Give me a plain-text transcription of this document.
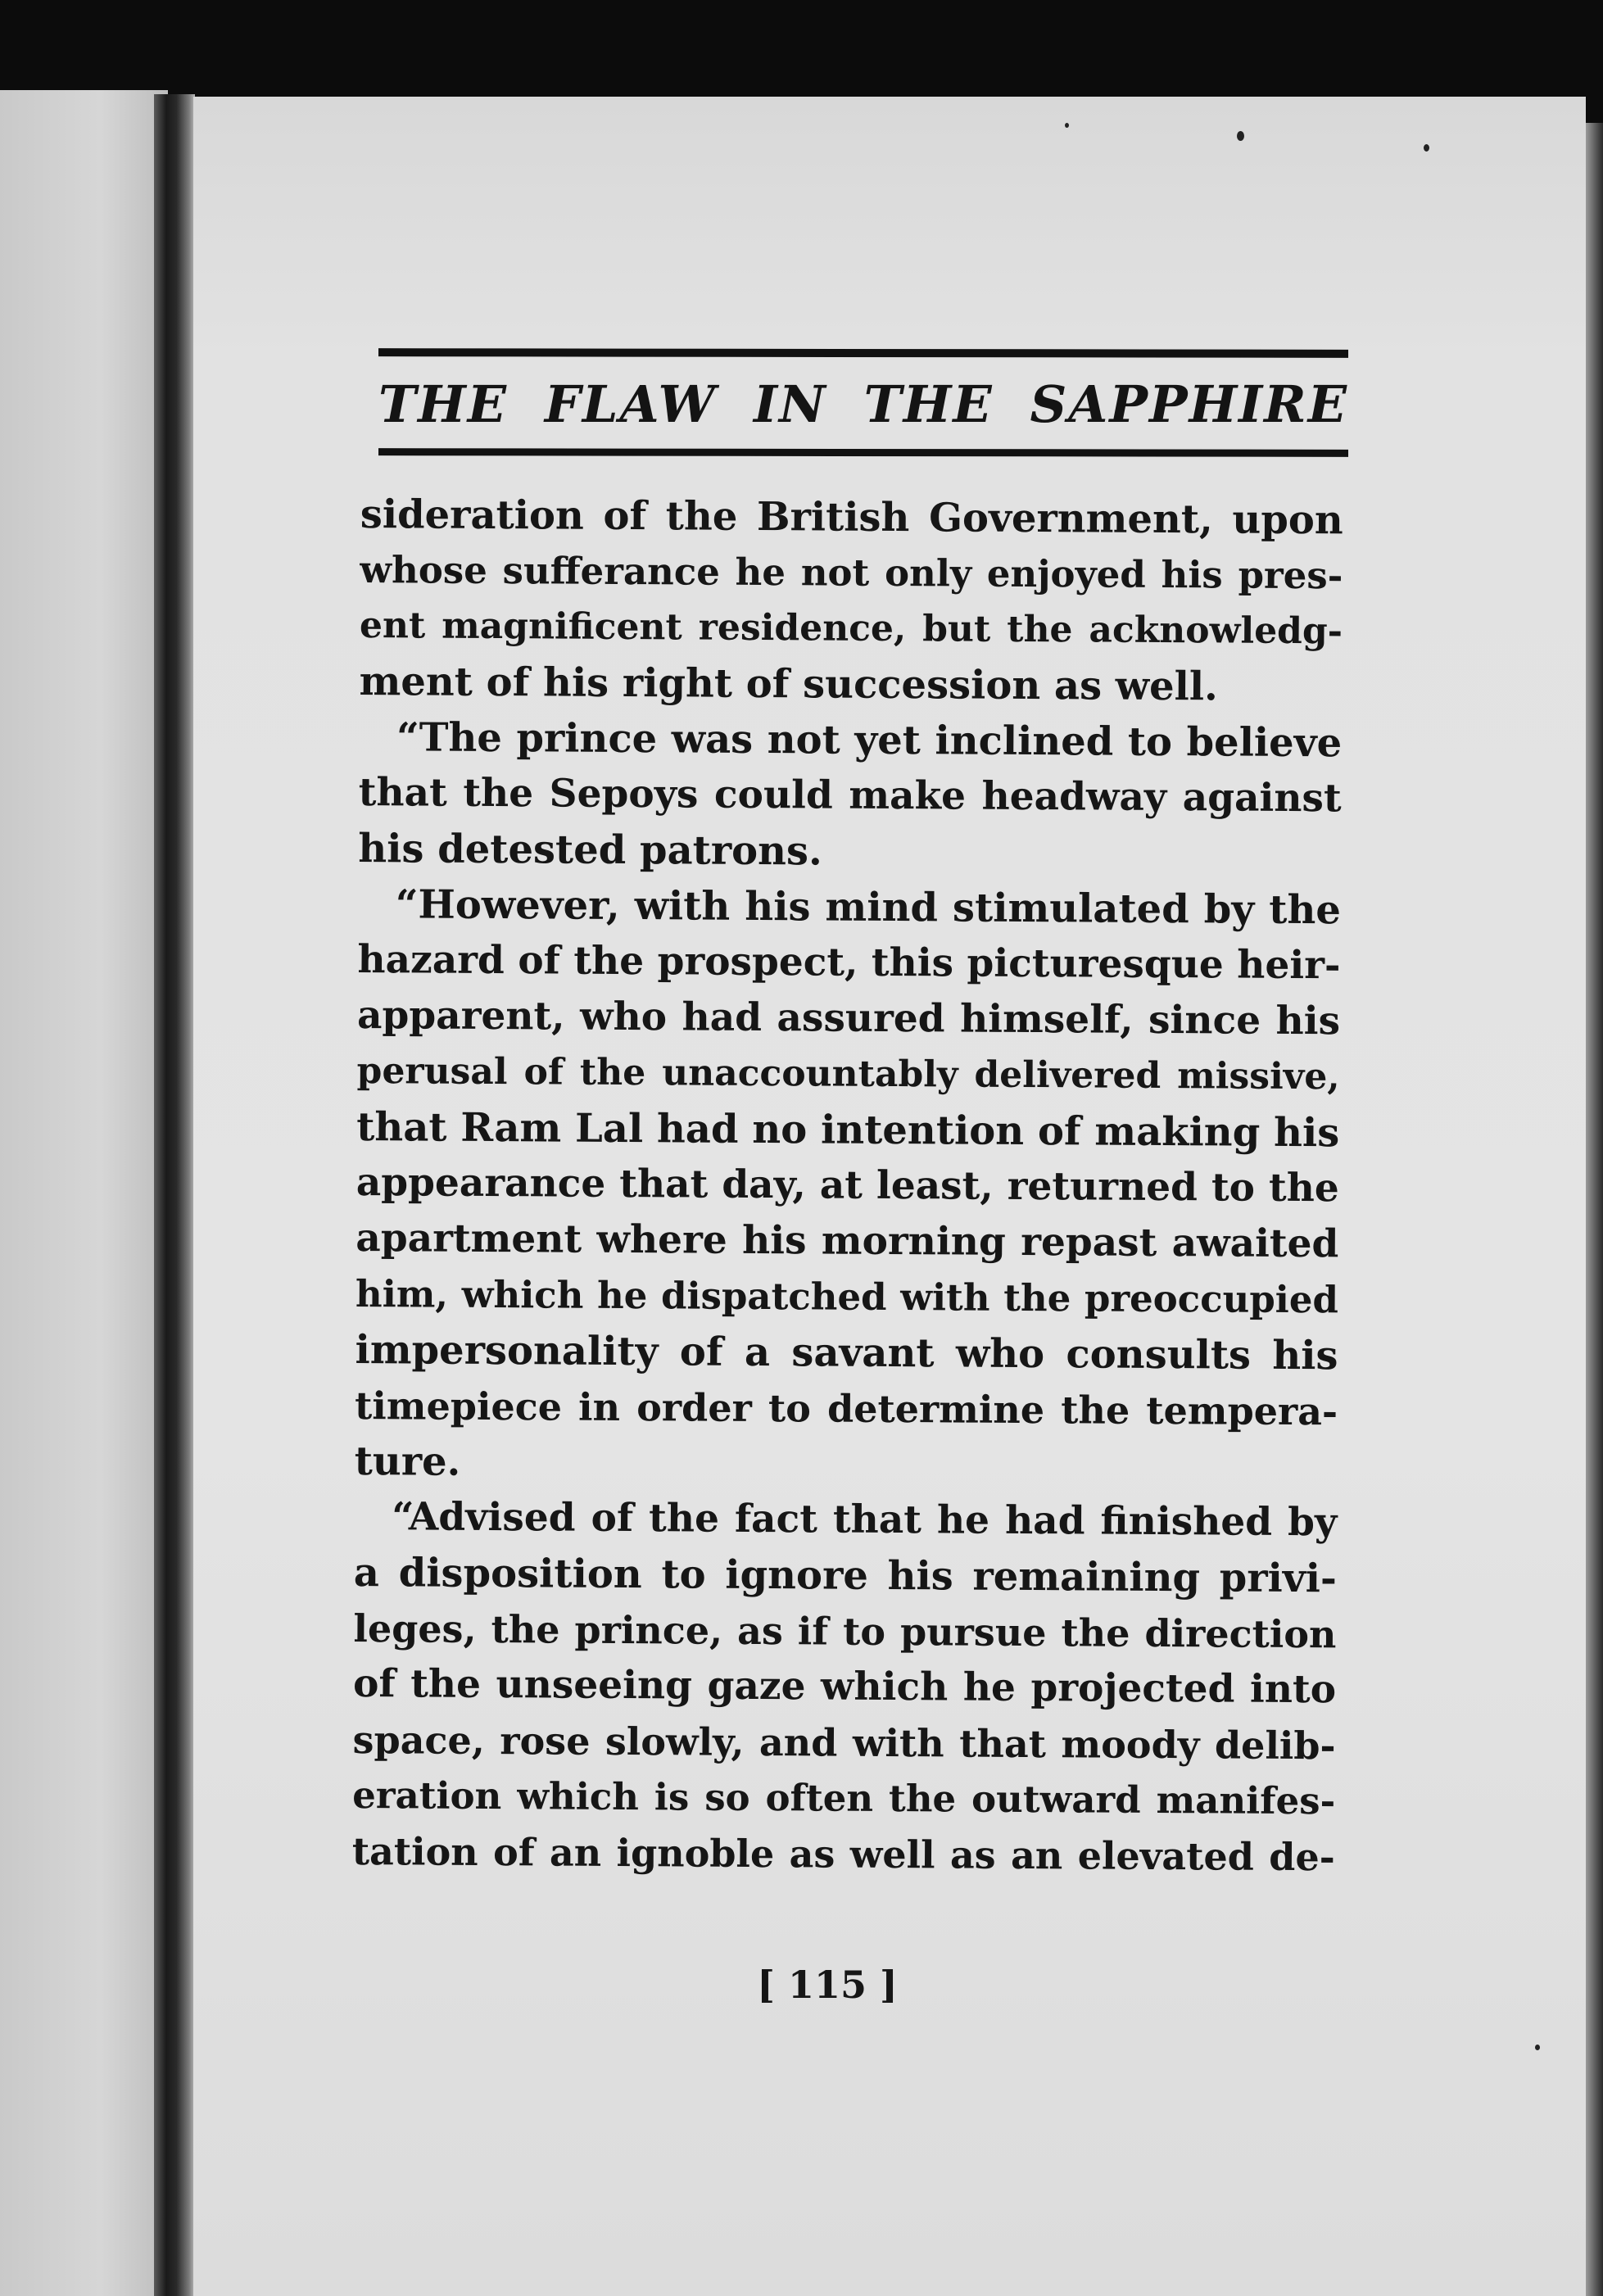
THE FLAW IN THE SAPPHIRE
sideration of the British Government, upon
whose sufferance he not only enjoyed his pres-
ent magnificent residence, but the acknowledg-
ment of his right of succession as well.
“The prince was not yet inclined to believe
that the Sepoys could make headway against
his detested patrons.
“However, with his mind stimulated by the
hazard of the prospect, this picturesque heir-
apparent, who had assured himself, since his
perusal of the unaccountably delivered missive,
that Ram Lal had no intention of making his
appearance that day, at least, returned to the
apartment where his morning repast awaited
him, which he dispatched with the preoccupied
impersonality of a savant who consults his
timepiece in order to determine the tempera-
ture.
“Advised of the fact that he had finished by
a disposition to ignore his remaining privi-
leges, the prince, as if to pursue the direction
of the unseeing gaze which he projected into
space, rose slowly, and with that moody delib-
eration which is so often the outward manifes-
tation of an ignoble as well as an elevated de-
[ 115 ]
